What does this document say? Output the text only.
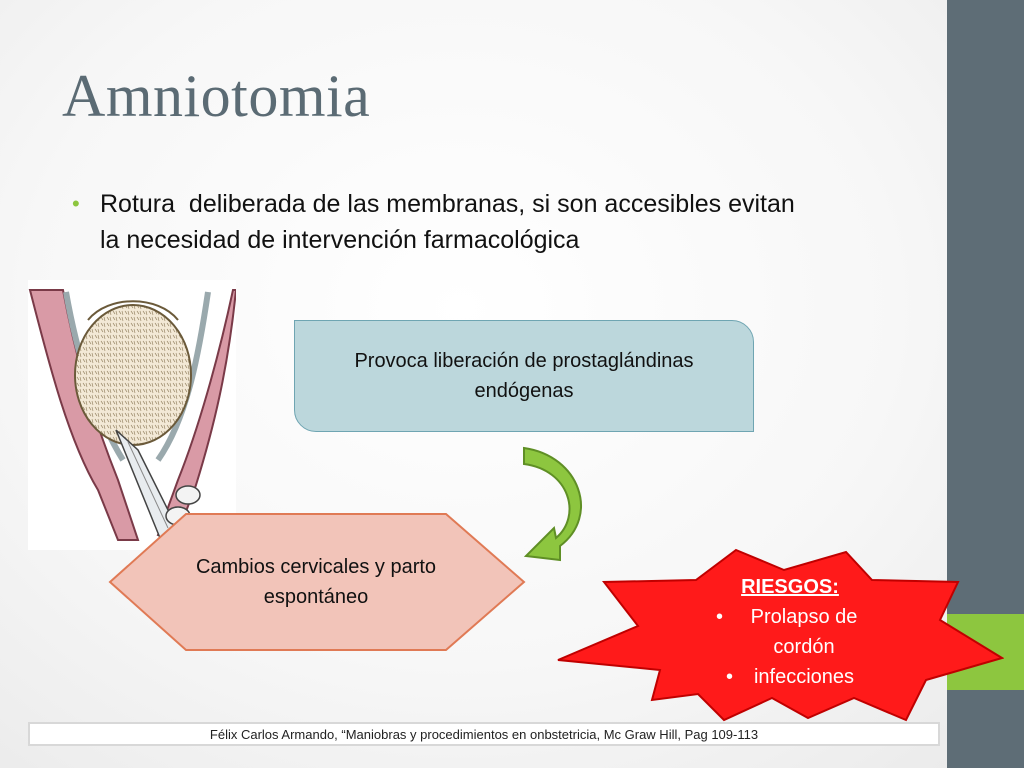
Amniotomia
• Rotura  deliberada de las membranas, si son accesibles evitan
la necesidad de intervención farmacológica
Provoca liberación de prostaglándinas endógenas
Cambios cervicales y parto espontáneo	RIESGOS:
•	Prolapso de cordón
•	infecciones
Félix Carlos Armando, “Maniobras y procedimientos en onbstetricia, Mc Graw Hill, Pag 109-113
